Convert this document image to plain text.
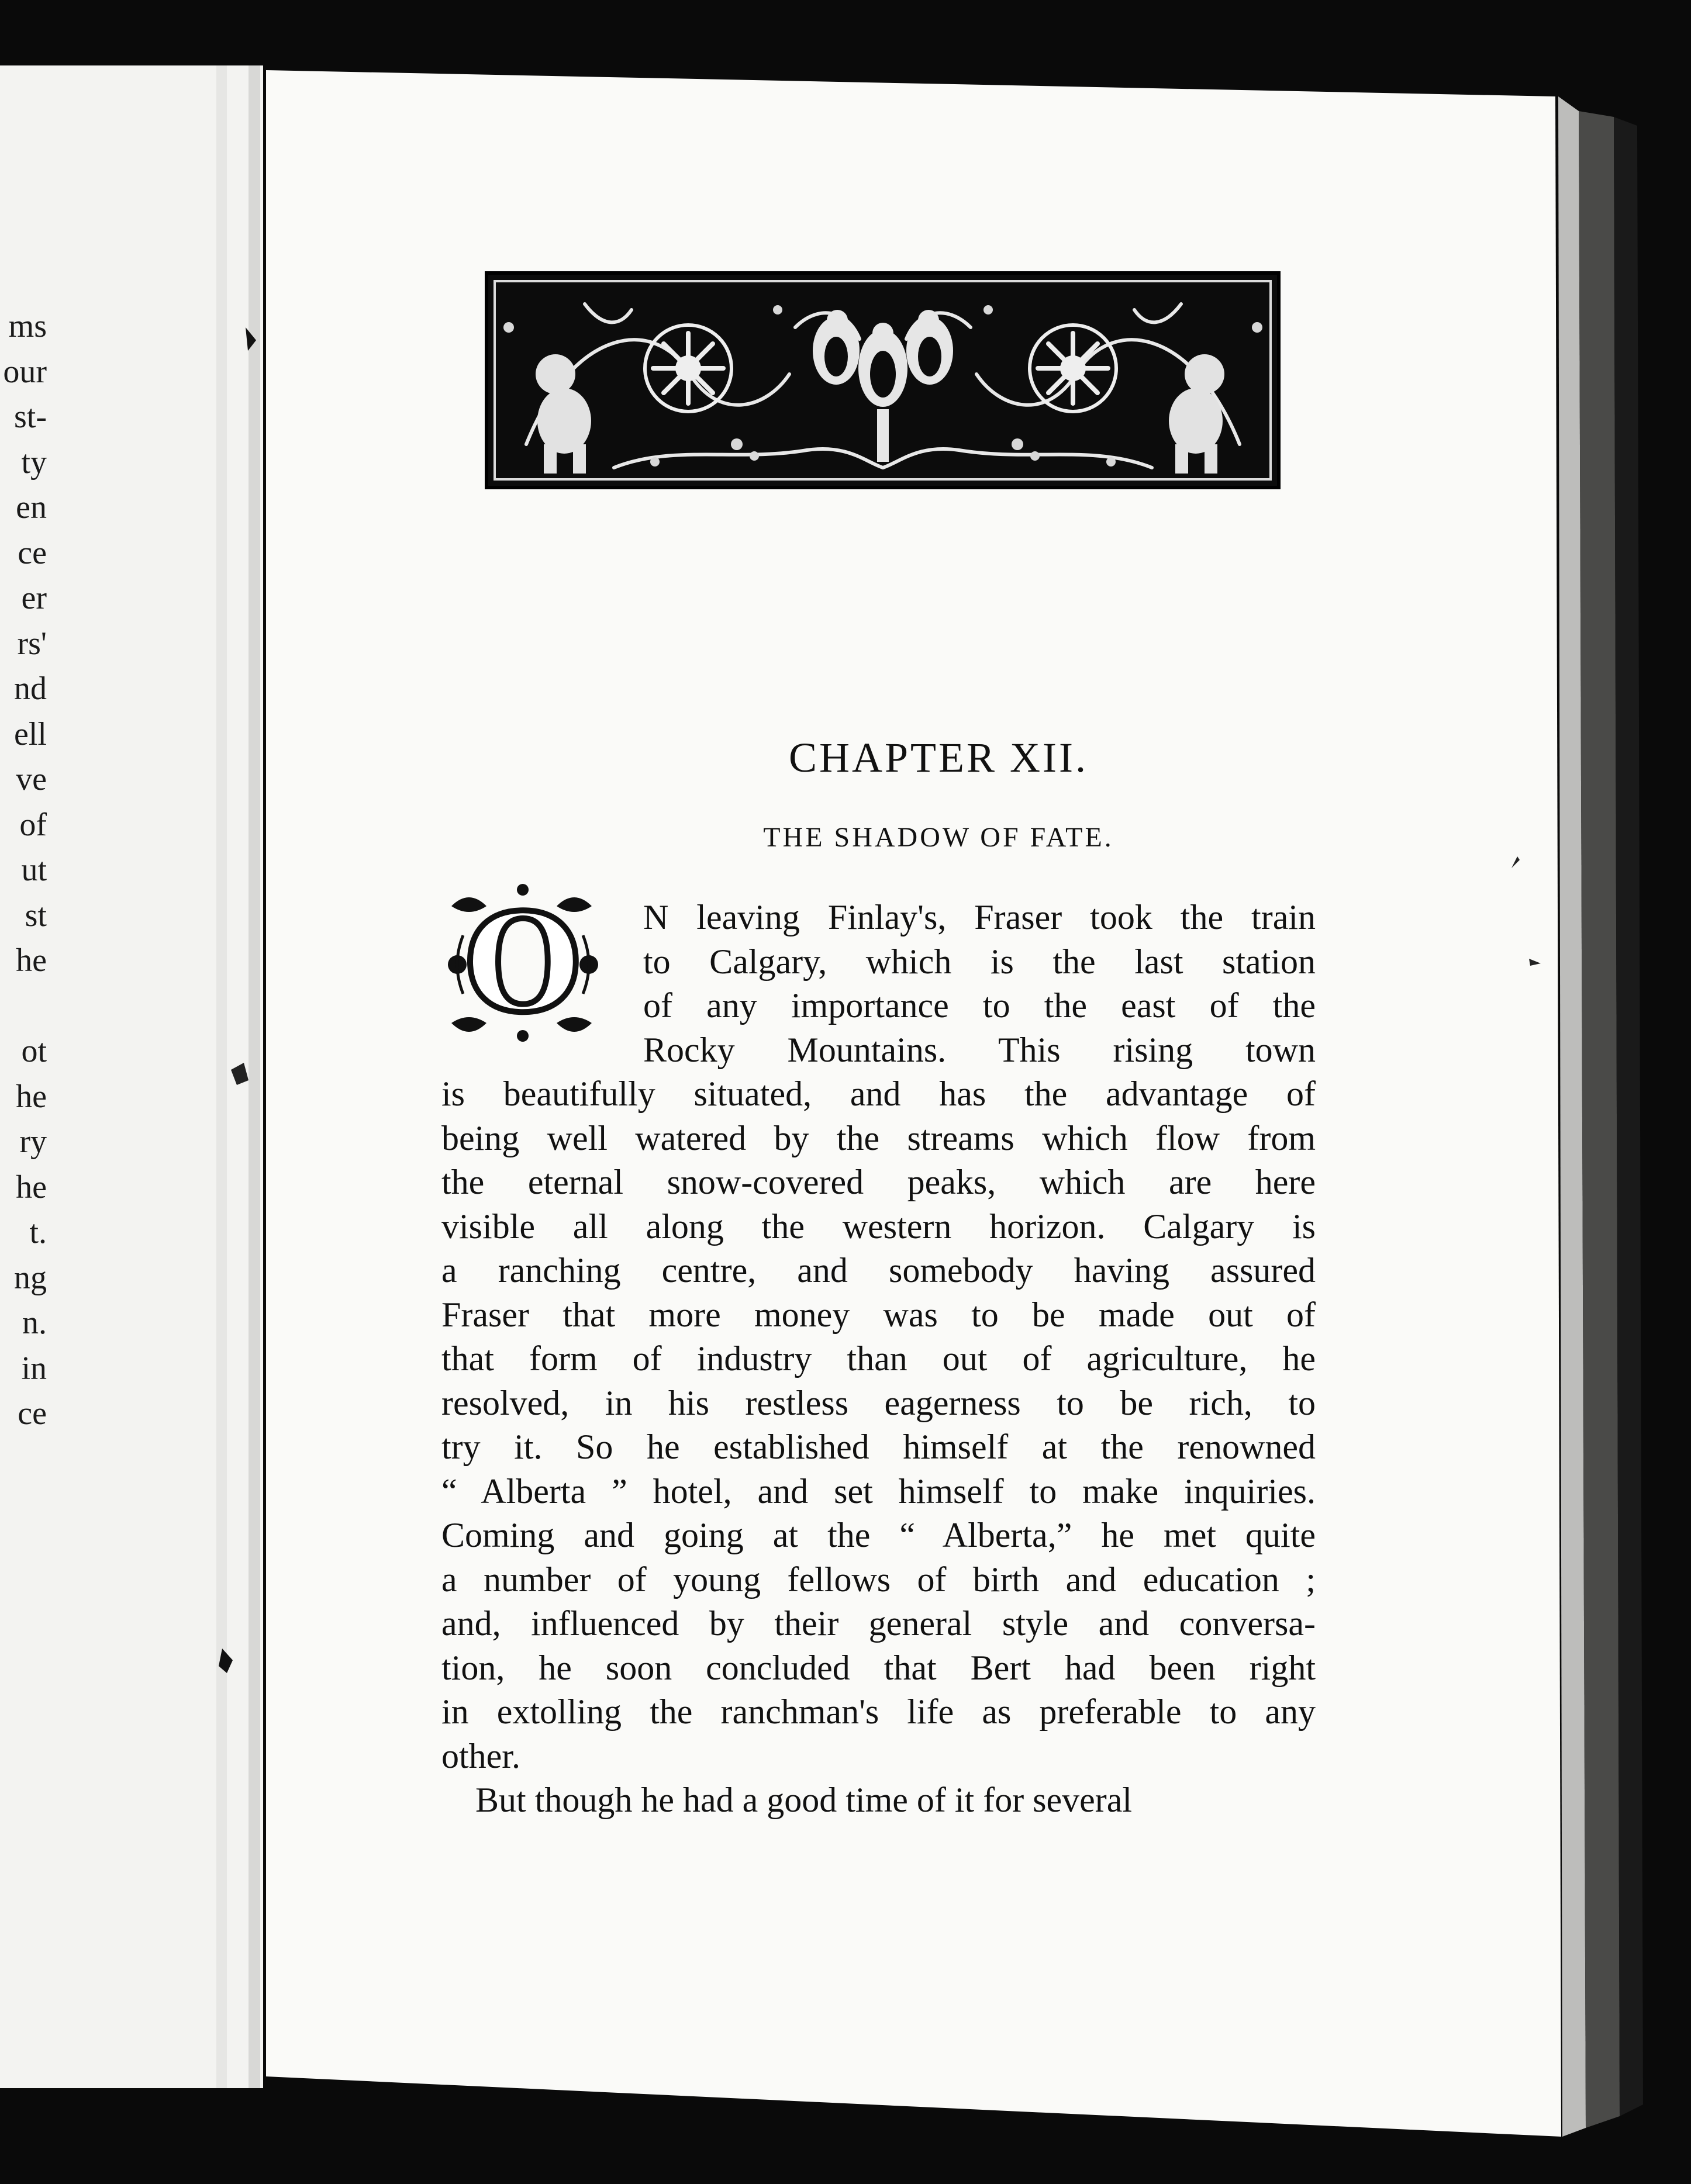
ms
our
st-
ty
en
ce
er
rs'
nd
ell
ve
of
ut
st
he
ot
he
ry
he
t.
ng
n.
in
ce
CHAPTER XII.
THE SHADOW OF FATE.
O	N leaving Finlay's, Fraser took the train
to Calgary, which is the last station
of any importance to the east of the
Rocky Mountains. This rising town
is beautifully situated, and has the advantage of
being well watered by the streams which flow from
the eternal snow-covered peaks, which are here
visible all along the western horizon. Calgary is
a ranching centre, and somebody having assured
Fraser that more money was to be made out of
that form of industry than out of agriculture, he
resolved, in his restless eagerness to be rich, to
try it. So he established himself at the renowned
“ Alberta ” hotel, and set himself to make inquiries.
Coming and going at the “ Alberta,” he met quite
a number of young fellows of birth and education ;
and, influenced by their general style and conversa-
tion, he soon concluded that Bert had been right
in extolling the ranchman's life as preferable to any
other.
But though he had a good time of it for several
